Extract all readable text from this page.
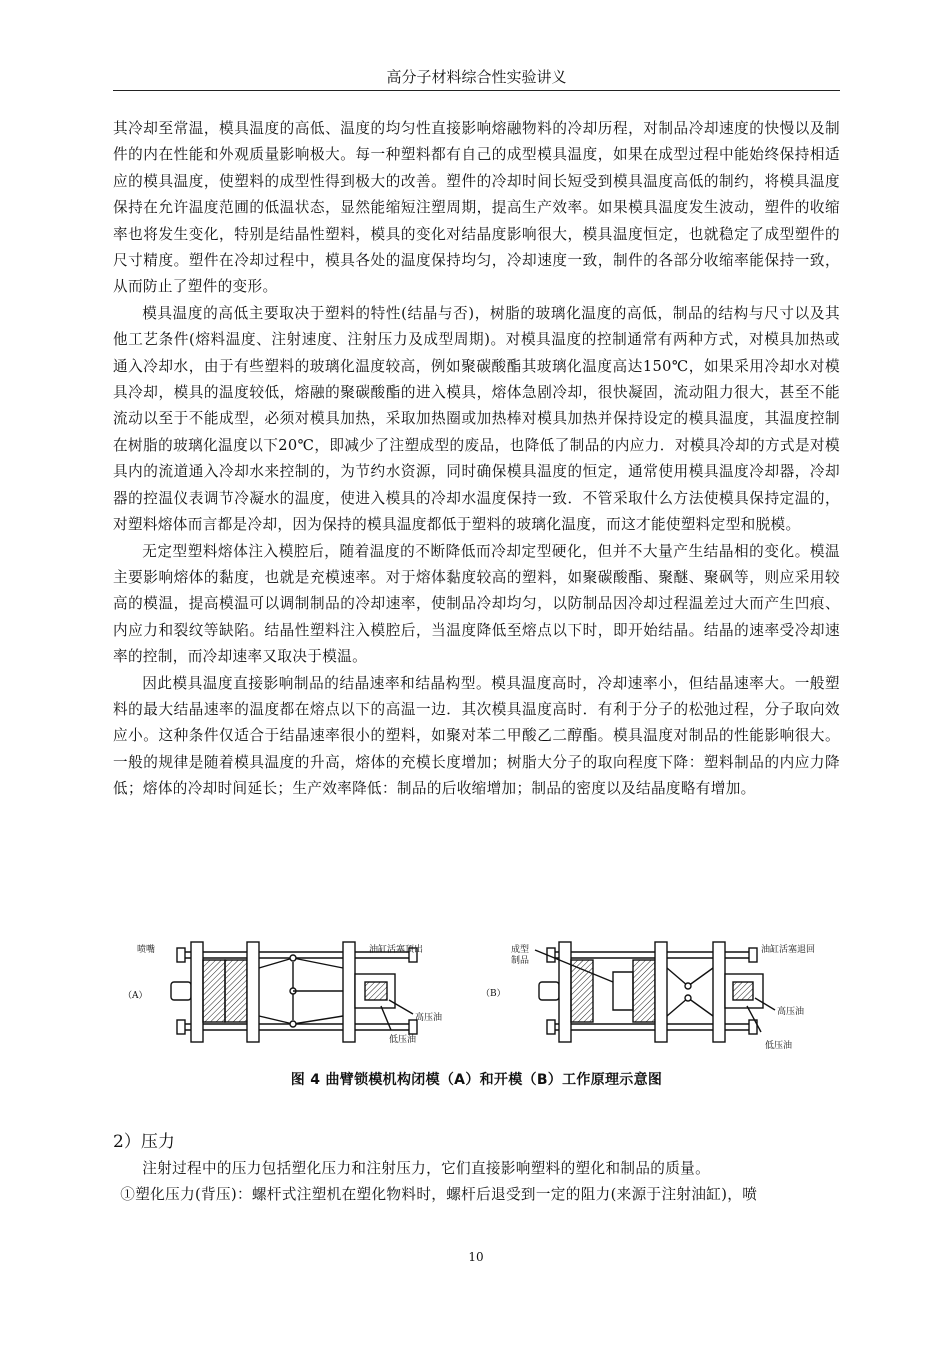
高分子材料综合性实验讲义

其冷却至常温，模具温度的高低、温度的均匀性直接影响熔融物料的冷却历程，对制品冷却速度的快慢以及制件的内在性能和外观质量影响极大。每一种塑料都有自己的成型模具温度，如果在成型过程中能始终保持相适应的模具温度，使塑料的成型性得到极大的改善。塑件的冷却时间长短受到模具温度高低的制约，将模具温度保持在允许温度范圃的低温状态，显然能缩短注塑周期，提高生产效率。如果模具温度发生波动，塑件的收缩率也将发生变化，特别是结晶性塑料，模具的变化对结晶度影响很大，模具温度恒定，也就稳定了成型塑件的尺寸精度。塑件在冷却过程中，模具各处的温度保持均匀，冷却速度一致，制件的各部分收缩率能保持一致，从而防止了塑件的变形。

模具温度的高低主要取决于塑料的特性(结晶与否)，树脂的玻璃化温度的高低，制品的结构与尺寸以及其他工艺条件(熔料温度、注射速度、注射压力及成型周期)。对模具温度的控制通常有两种方式，对模具加热或通入冷却水，由于有些塑料的玻璃化温度较高，例如聚碳酸酯其玻璃化温度高达150℃，如果采用冷却水对模具冷却，模具的温度较低，熔融的聚碳酸酯的进入模具，熔体急剧冷却，很快凝固，流动阻力很大，甚至不能流动以至于不能成型，必须对模具加热，采取加热圈或加热棒对模具加热并保持设定的模具温度，其温度控制在树脂的玻璃化温度以下20℃，即减少了注塑成型的废品，也降低了制品的内应力．对模具冷却的方式是对模具内的流道通入冷却水来控制的，为节约水资源，同时确保模具温度的恒定，通常使用模具温度冷却器，冷却器的控温仪表调节冷凝水的温度，使进入模具的冷却水温度保持一致．不管采取什么方法使模具保持定温的，对塑料熔体而言都是冷却，因为保持的模具温度都低于塑料的玻璃化温度，而这才能使塑料定型和脱模。

无定型塑料熔体注入模腔后，随着温度的不断降低而冷却定型硬化，但并不大量产生结晶相的变化。模温主要影响熔体的黏度，也就是充模速率。对于熔体黏度较高的塑料，如聚碳酸酯、聚醚、聚砜等，则应采用较高的模温，提高模温可以调制制品的冷却速率，使制品冷却均匀，以防制品因冷却过程温差过大而产生凹痕、内应力和裂纹等缺陷。结晶性塑料注入模腔后，当温度降低至熔点以下时，即开始结晶。结晶的速率受冷却速率的控制，而冷却速率又取决于模温。

因此模具温度直接影响制品的结晶速率和结晶构型。模具温度高时，冷却速率小，但结晶速率大。一般塑料的最大结晶速率的温度都在熔点以下的高温一边．其次模具温度高时．有利于分子的松弛过程，分子取向效应小。这种条件仅适合于结晶速率很小的塑料，如聚对苯二甲酸乙二醇酯。模具温度对制品的性能影响很大。一般的规律是随着模具温度的升高，熔体的充模长度增加；树脂大分子的取向程度下降：塑料制品的内应力降低；熔体的冷却时间延长；生产效率降低：制品的后收缩增加；制品的密度以及结晶度略有增加。

（A）
喷嘴	油缸活塞顶出
高压油
低压油
（B）
成型
制品
油缸活塞退回
高压油
低压油
图 4 曲臂锁模机构闭模（A）和开模（B）工作原理示意图
2）压力

注射过程中的压力包括塑化压力和注射压力，它们直接影响塑料的塑化和制品的质量。

①塑化压力(背压)：螺杆式注塑机在塑化物料时，螺杆后退受到一定的阻力(来源于注射油缸)，喷

10
